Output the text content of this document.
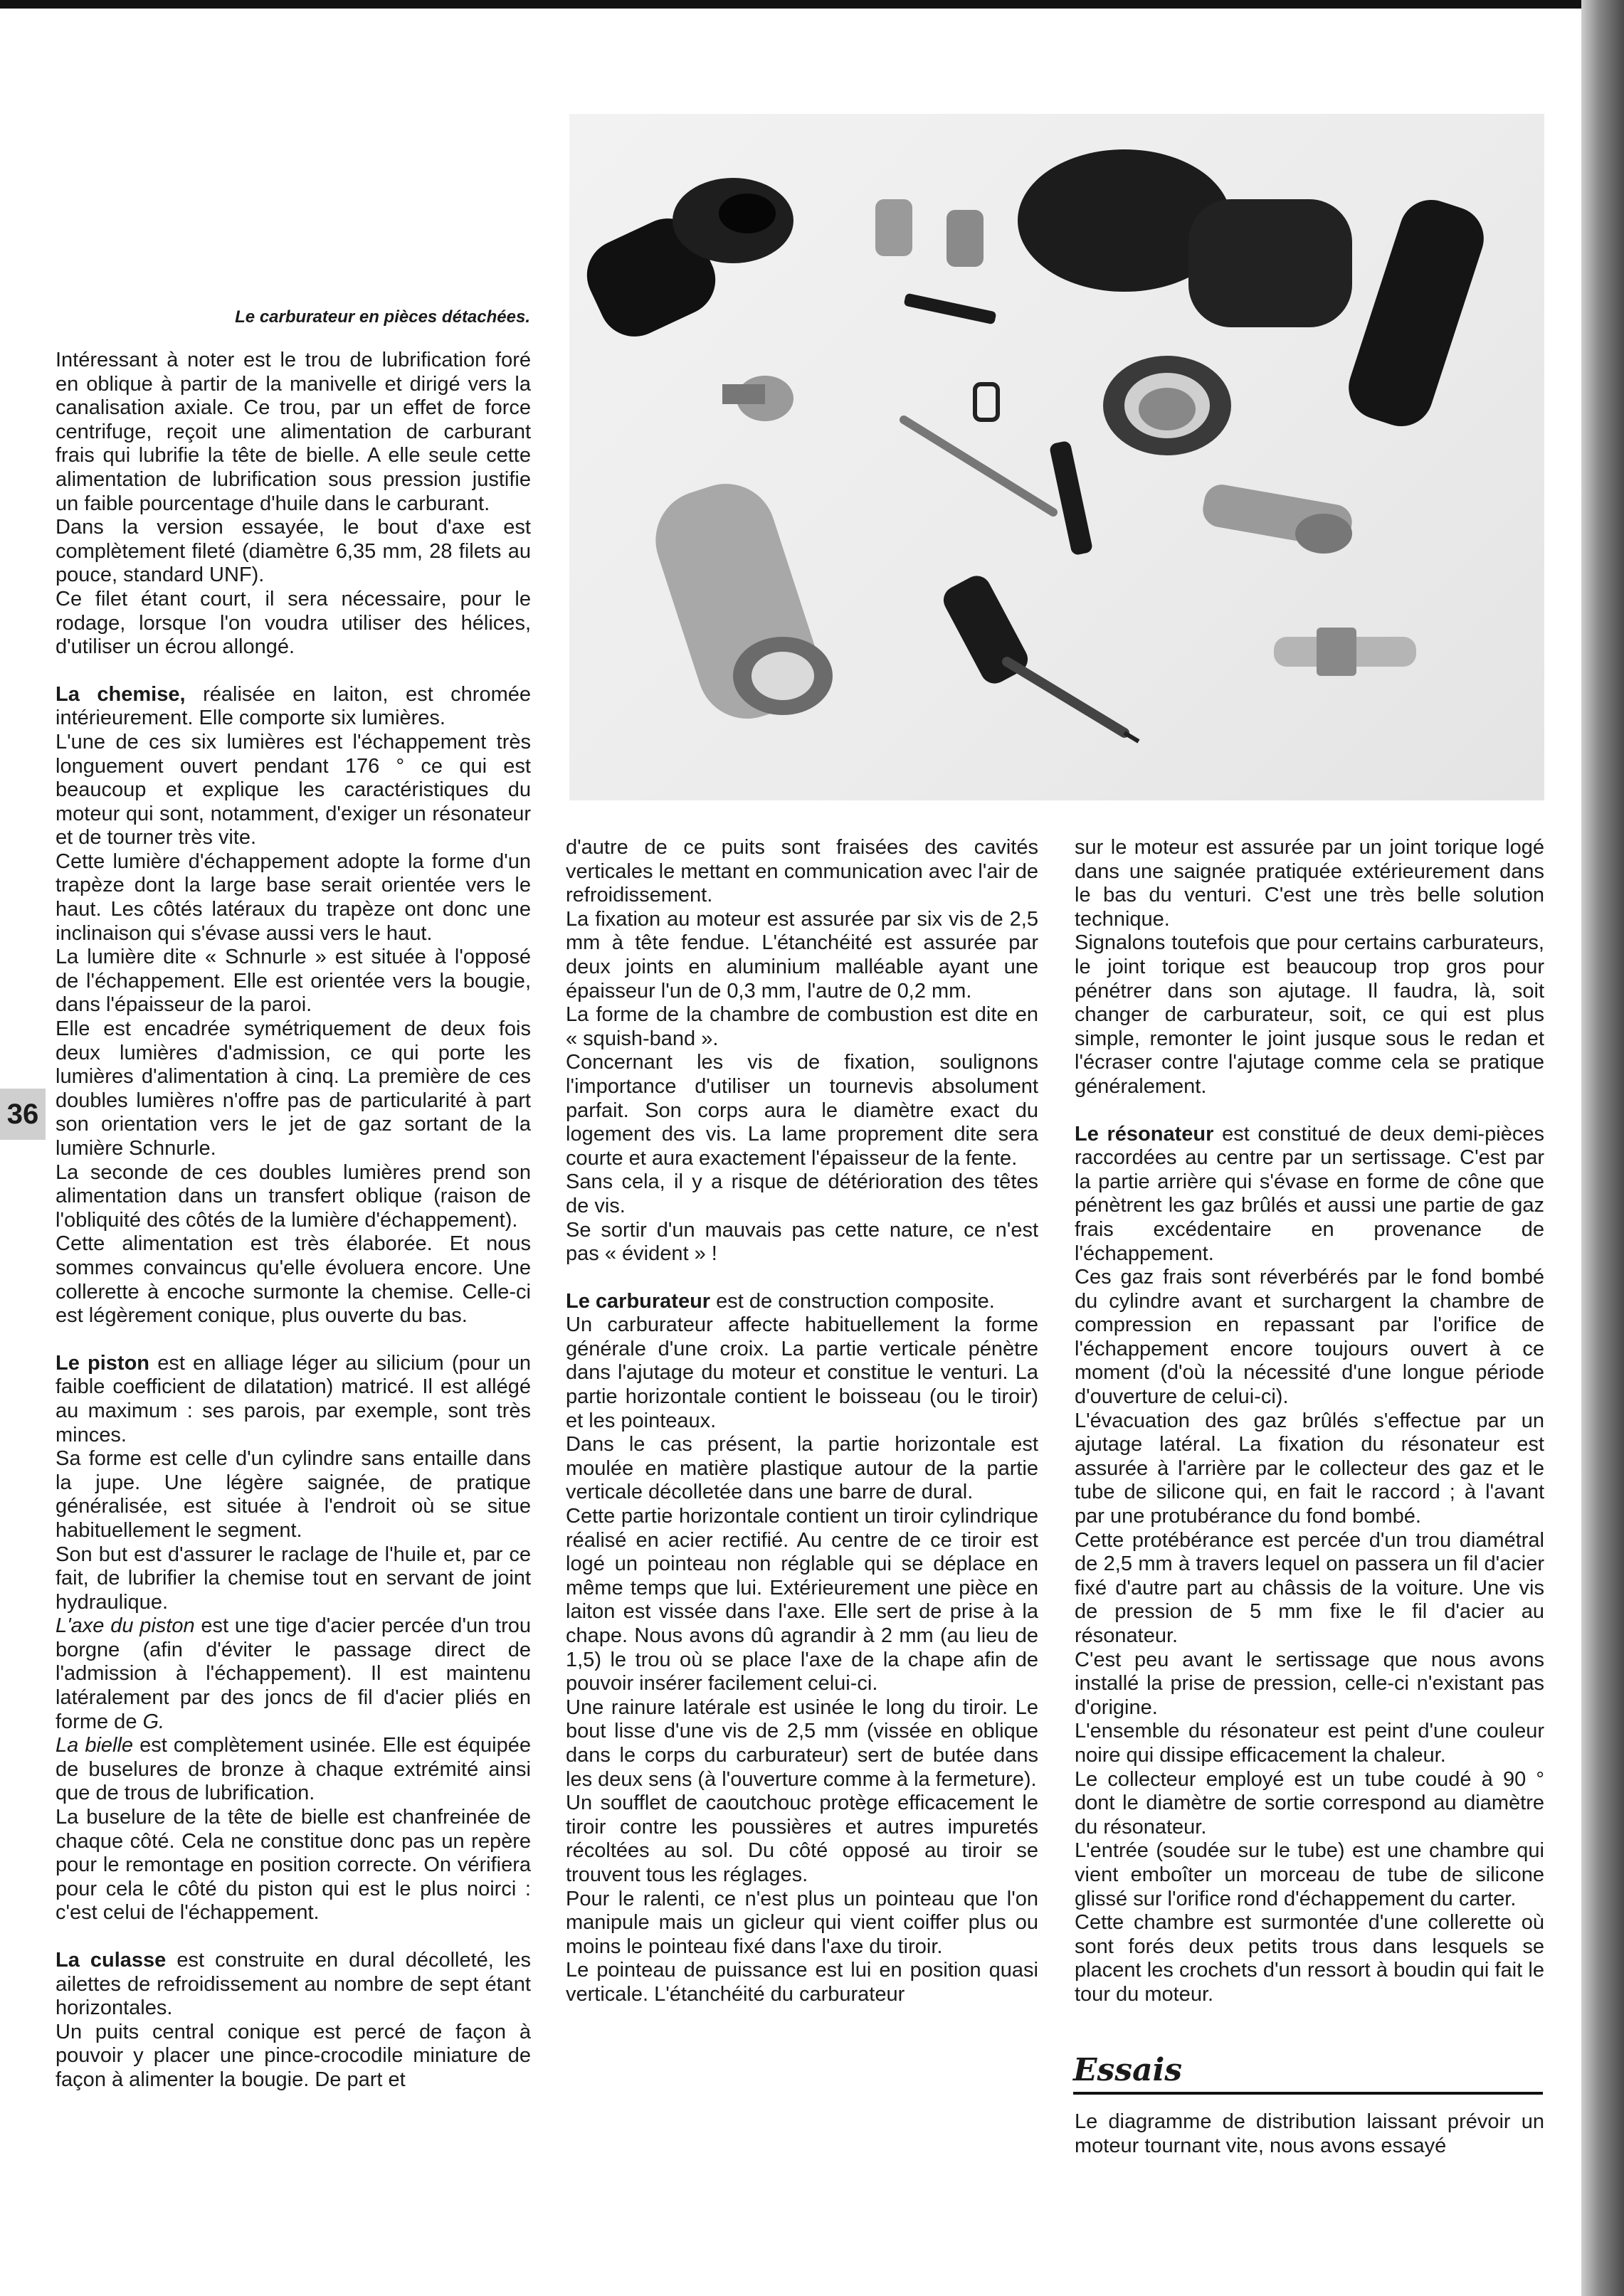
Le carburateur en pièces détachées.
36

Intéressant à noter est le trou de lubrification foré en oblique à partir de la manivelle et dirigé vers la canalisation axiale. Ce trou, par un effet de force centrifuge, reçoit une alimentation de carburant frais qui lubrifie la tête de bielle. A elle seule cette alimentation de lubrification sous pression justifie un faible pourcentage d'huile dans le carburant.

Dans la version essayée, le bout d'axe est complètement fileté (diamètre 6,35 mm, 28 filets au pouce, standard UNF).

Ce filet étant court, il sera nécessaire, pour le rodage, lorsque l'on voudra utiliser des hélices, d'utiliser un écrou allongé.

La chemise, réalisée en laiton, est chromée intérieurement. Elle comporte six lumières.

L'une de ces six lumières est l'échappement très longuement ouvert pendant 176 ° ce qui est beaucoup et explique les caractéristiques du moteur qui sont, notamment, d'exiger un résonateur et de tourner très vite.

Cette lumière d'échappement adopte la forme d'un trapèze dont la large base serait orientée vers le haut. Les côtés latéraux du trapèze ont donc une inclinaison qui s'évase aussi vers le haut.

La lumière dite « Schnurle » est située à l'opposé de l'échappement. Elle est orientée vers la bougie, dans l'épaisseur de la paroi.

Elle est encadrée symétriquement de deux fois deux lumières d'admission, ce qui porte les lumières d'alimentation à cinq. La première de ces doubles lumières n'offre pas de particularité à part son orientation vers le jet de gaz sortant de la lumière Schnurle.

La seconde de ces doubles lumières prend son alimentation dans un transfert oblique (raison de l'obliquité des côtés de la lumière d'échappement).

Cette alimentation est très élaborée. Et nous sommes convaincus qu'elle évoluera encore. Une collerette à encoche surmonte la chemise. Celle-ci est légèrement conique, plus ouverte du bas.

Le piston est en alliage léger au silicium (pour un faible coefficient de dilatation) matricé. Il est allégé au maximum : ses parois, par exemple, sont très minces.

Sa forme est celle d'un cylindre sans entaille dans la jupe. Une légère saignée, de pratique généralisée, est située à l'endroit où se situe habituellement le segment.

Son but est d'assurer le raclage de l'huile et, par ce fait, de lubrifier la chemise tout en servant de joint hydraulique.

L'axe du piston est une tige d'acier percée d'un trou borgne (afin d'éviter le passage direct de l'admission à l'échappement). Il est maintenu latéralement par des joncs de fil d'acier pliés en forme de G.

La bielle est complètement usinée. Elle est équipée de buselures de bronze à chaque extrémité ainsi que de trous de lubrification.

La buselure de la tête de bielle est chanfreinée de chaque côté. Cela ne constitue donc pas un repère pour le remontage en position correcte. On vérifiera pour cela le côté du piston qui est le plus noirci : c'est celui de l'échappement.

La culasse est construite en dural décolleté, les ailettes de refroidissement au nombre de sept étant horizontales.

Un puits central conique est percé de façon à pouvoir y placer une pince-crocodile miniature de façon à alimenter la bougie. De part et

d'autre de ce puits sont fraisées des cavités verticales le mettant en communication avec l'air de refroidissement.

La fixation au moteur est assurée par six vis de 2,5 mm à tête fendue. L'étanchéité est assurée par deux joints en aluminium malléable ayant une épaisseur l'un de 0,3 mm, l'autre de 0,2 mm.

La forme de la chambre de combustion est dite en « squish-band ».

Concernant les vis de fixation, soulignons l'importance d'utiliser un tournevis absolument parfait. Son corps aura le diamètre exact du logement des vis. La lame proprement dite sera courte et aura exactement l'épaisseur de la fente.

Sans cela, il y a risque de détérioration des têtes de vis.

Se sortir d'un mauvais pas cette nature, ce n'est pas « évident » !

Le carburateur est de construction composite.

Un carburateur affecte habituellement la forme générale d'une croix. La partie verticale pénètre dans l'ajutage du moteur et constitue le venturi. La partie horizontale contient le boisseau (ou le tiroir) et les pointeaux.

Dans le cas présent, la partie horizontale est moulée en matière plastique autour de la partie verticale décolletée dans une barre de dural.

Cette partie horizontale contient un tiroir cylindrique réalisé en acier rectifié. Au centre de ce tiroir est logé un pointeau non réglable qui se déplace en même temps que lui. Extérieurement une pièce en laiton est vissée dans l'axe. Elle sert de prise à la chape. Nous avons dû agrandir à 2 mm (au lieu de 1,5) le trou où se place l'axe de la chape afin de pouvoir insérer facilement celui-ci.

Une rainure latérale est usinée le long du tiroir. Le bout lisse d'une vis de 2,5 mm (vissée en oblique dans le corps du carburateur) sert de butée dans les deux sens (à l'ouverture comme à la fermeture).

Un soufflet de caoutchouc protège efficacement le tiroir contre les poussières et autres impuretés récoltées au sol. Du côté opposé au tiroir se trouvent tous les réglages.

Pour le ralenti, ce n'est plus un pointeau que l'on manipule mais un gicleur qui vient coiffer plus ou moins le pointeau fixé dans l'axe du tiroir.

Le pointeau de puissance est lui en position quasi verticale. L'étanchéité du carburateur

sur le moteur est assurée par un joint torique logé dans une saignée pratiquée extérieurement dans le bas du venturi. C'est une très belle solution technique.

Signalons toutefois que pour certains carburateurs, le joint torique est beaucoup trop gros pour pénétrer dans son ajutage. Il faudra, là, soit changer de carburateur, soit, ce qui est plus simple, remonter le joint jusque sous le redan et l'écraser contre l'ajutage comme cela se pratique généralement.

Le résonateur est constitué de deux demi-pièces raccordées au centre par un sertissage. C'est par la partie arrière qui s'évase en forme de cône que pénètrent les gaz brûlés et aussi une partie de gaz frais excédentaire en provenance de l'échappement.

Ces gaz frais sont réverbérés par le fond bombé du cylindre avant et surchargent la chambre de compression en repassant par l'orifice de l'échappement encore toujours ouvert à ce moment (d'où la nécessité d'une longue période d'ouverture de celui-ci).

L'évacuation des gaz brûlés s'effectue par un ajutage latéral. La fixation du résonateur est assurée à l'arrière par le collecteur des gaz et le tube de silicone qui, en fait le raccord ; à l'avant par une protubérance du fond bombé.

Cette protébérance est percée d'un trou diamétral de 2,5 mm à travers lequel on passera un fil d'acier fixé d'autre part au châssis de la voiture. Une vis de pression de 5 mm fixe le fil d'acier au résonateur.

C'est peu avant le sertissage que nous avons installé la prise de pression, celle-ci n'existant pas d'origine.

L'ensemble du résonateur est peint d'une couleur noire qui dissipe efficacement la chaleur.

Le collecteur employé est un tube coudé à 90 ° dont le diamètre de sortie correspond au diamètre du résonateur.

L'entrée (soudée sur le tube) est une chambre qui vient emboîter un morceau de tube de silicone glissé sur l'orifice rond d'échappement du carter.

Cette chambre est surmontée d'une collerette où sont forés deux petits trous dans lesquels se placent les crochets d'un ressort à boudin qui fait le tour du moteur.

Essais

Le diagramme de distribution laissant prévoir un moteur tournant vite, nous avons essayé
